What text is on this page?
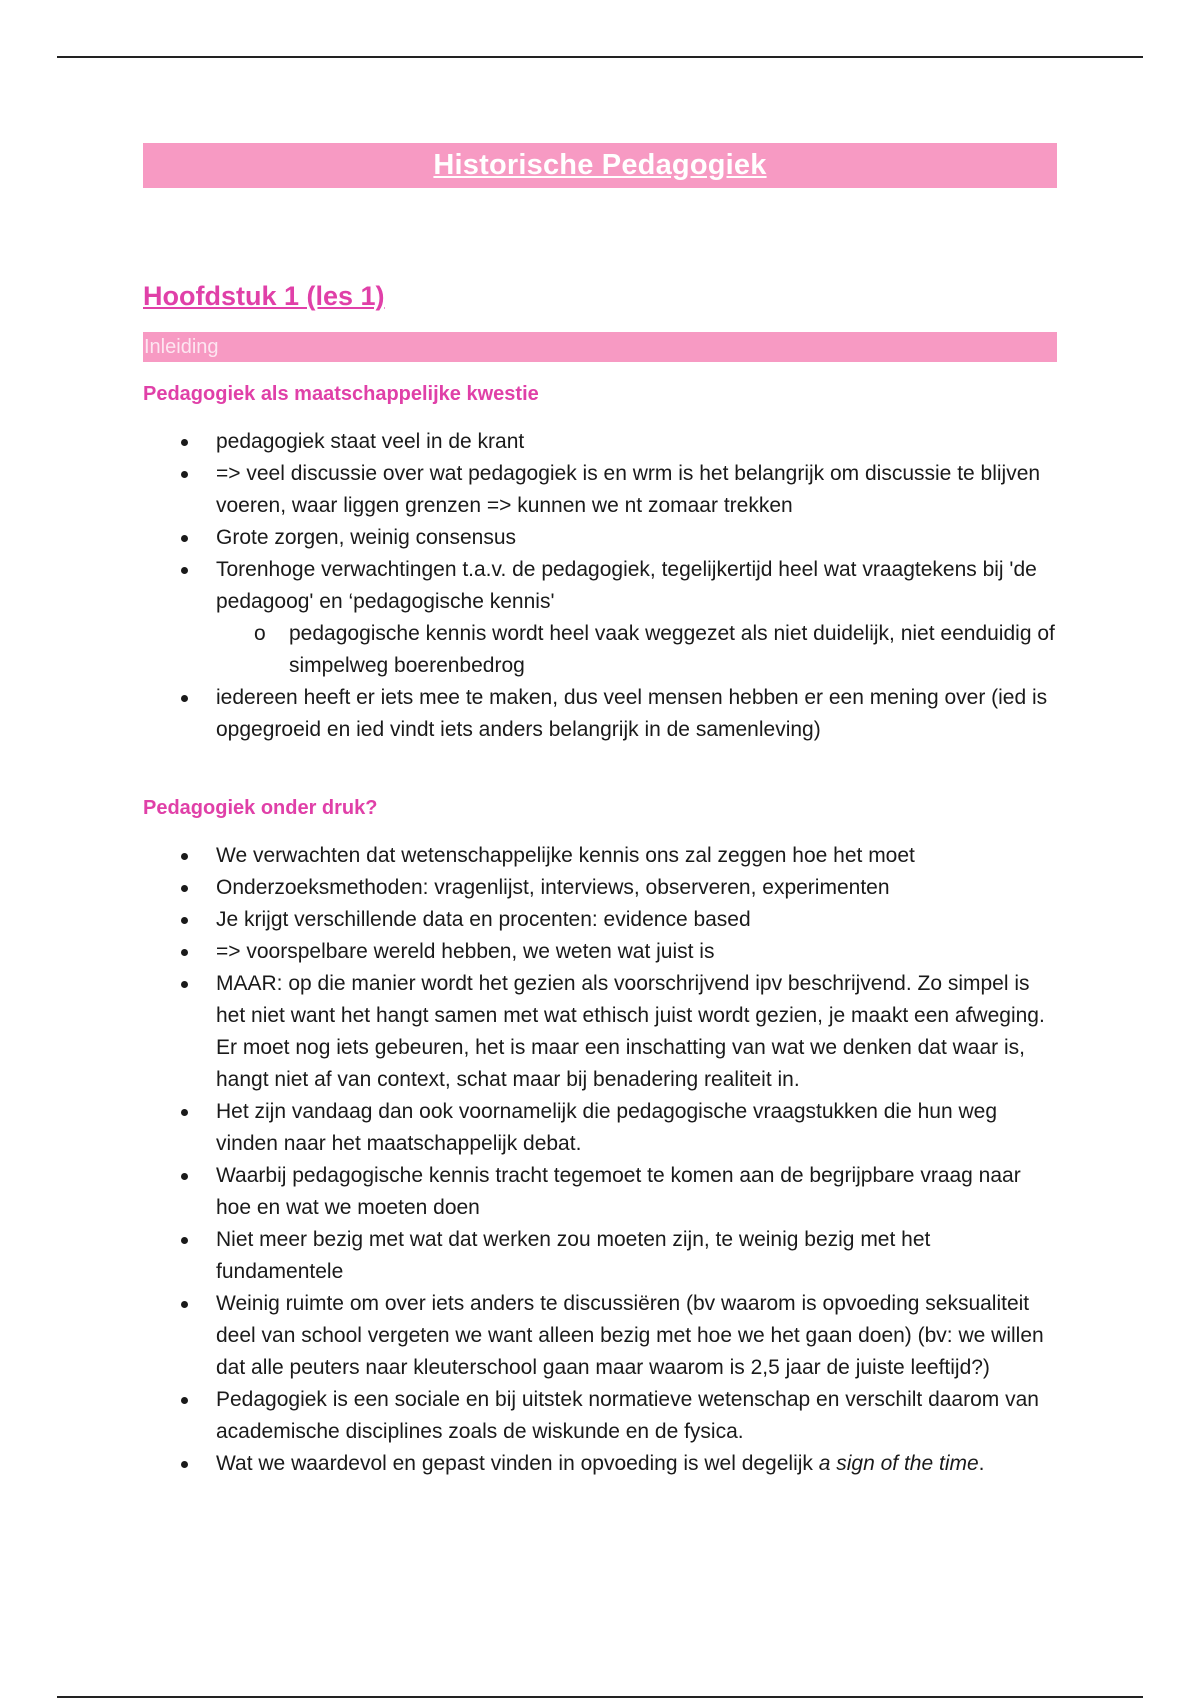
Historische Pedagogiek
Hoofdstuk 1 (les 1)
Inleiding
Pedagogiek als maatschappelijke kwestie
pedagogiek staat veel in de krant
=> veel discussie over wat pedagogiek is en wrm is het belangrijk om discussie te blijven voeren, waar liggen grenzen => kunnen we nt zomaar trekken
Grote zorgen, weinig consensus
Torenhoge verwachtingen t.a.v. de pedagogiek, tegelijkertijd heel wat vraagtekens bij 'de pedagoog' en ‘pedagogische kennis'
o pedagogische kennis wordt heel vaak weggezet als niet duidelijk, niet eenduidig of simpelweg boerenbedrog
iedereen heeft er iets mee te maken, dus veel mensen hebben er een mening over (ied is opgegroeid en ied vindt iets anders belangrijk in de samenleving)
Pedagogiek onder druk?
We verwachten dat wetenschappelijke kennis ons zal zeggen hoe het moet
Onderzoeksmethoden: vragenlijst, interviews, observeren, experimenten
Je krijgt verschillende data en procenten: evidence based
=> voorspelbare wereld hebben, we weten wat juist is
MAAR: op die manier wordt het gezien als voorschrijvend ipv beschrijvend. Zo simpel is het niet want het hangt samen met wat ethisch juist wordt gezien, je maakt een afweging. Er moet nog iets gebeuren, het is maar een inschatting van wat we denken dat waar is, hangt niet af van context, schat maar bij benadering realiteit in.
Het zijn vandaag dan ook voornamelijk die pedagogische vraagstukken die hun weg vinden naar het maatschappelijk debat.
Waarbij pedagogische kennis tracht tegemoet te komen aan de begrijpbare vraag naar hoe en wat we moeten doen
Niet meer bezig met wat dat werken zou moeten zijn, te weinig bezig met het fundamentele
Weinig ruimte om over iets anders te discussiëren (bv waarom is opvoeding seksualiteit deel van school vergeten we want alleen bezig met hoe we het gaan doen) (bv: we willen dat alle peuters naar kleuterschool gaan maar waarom is 2,5 jaar de juiste leeftijd?)
Pedagogiek is een sociale en bij uitstek normatieve wetenschap en verschilt daarom van academische disciplines zoals de wiskunde en de fysica.
Wat we waardevol en gepast vinden in opvoeding is wel degelijk a sign of the time.
